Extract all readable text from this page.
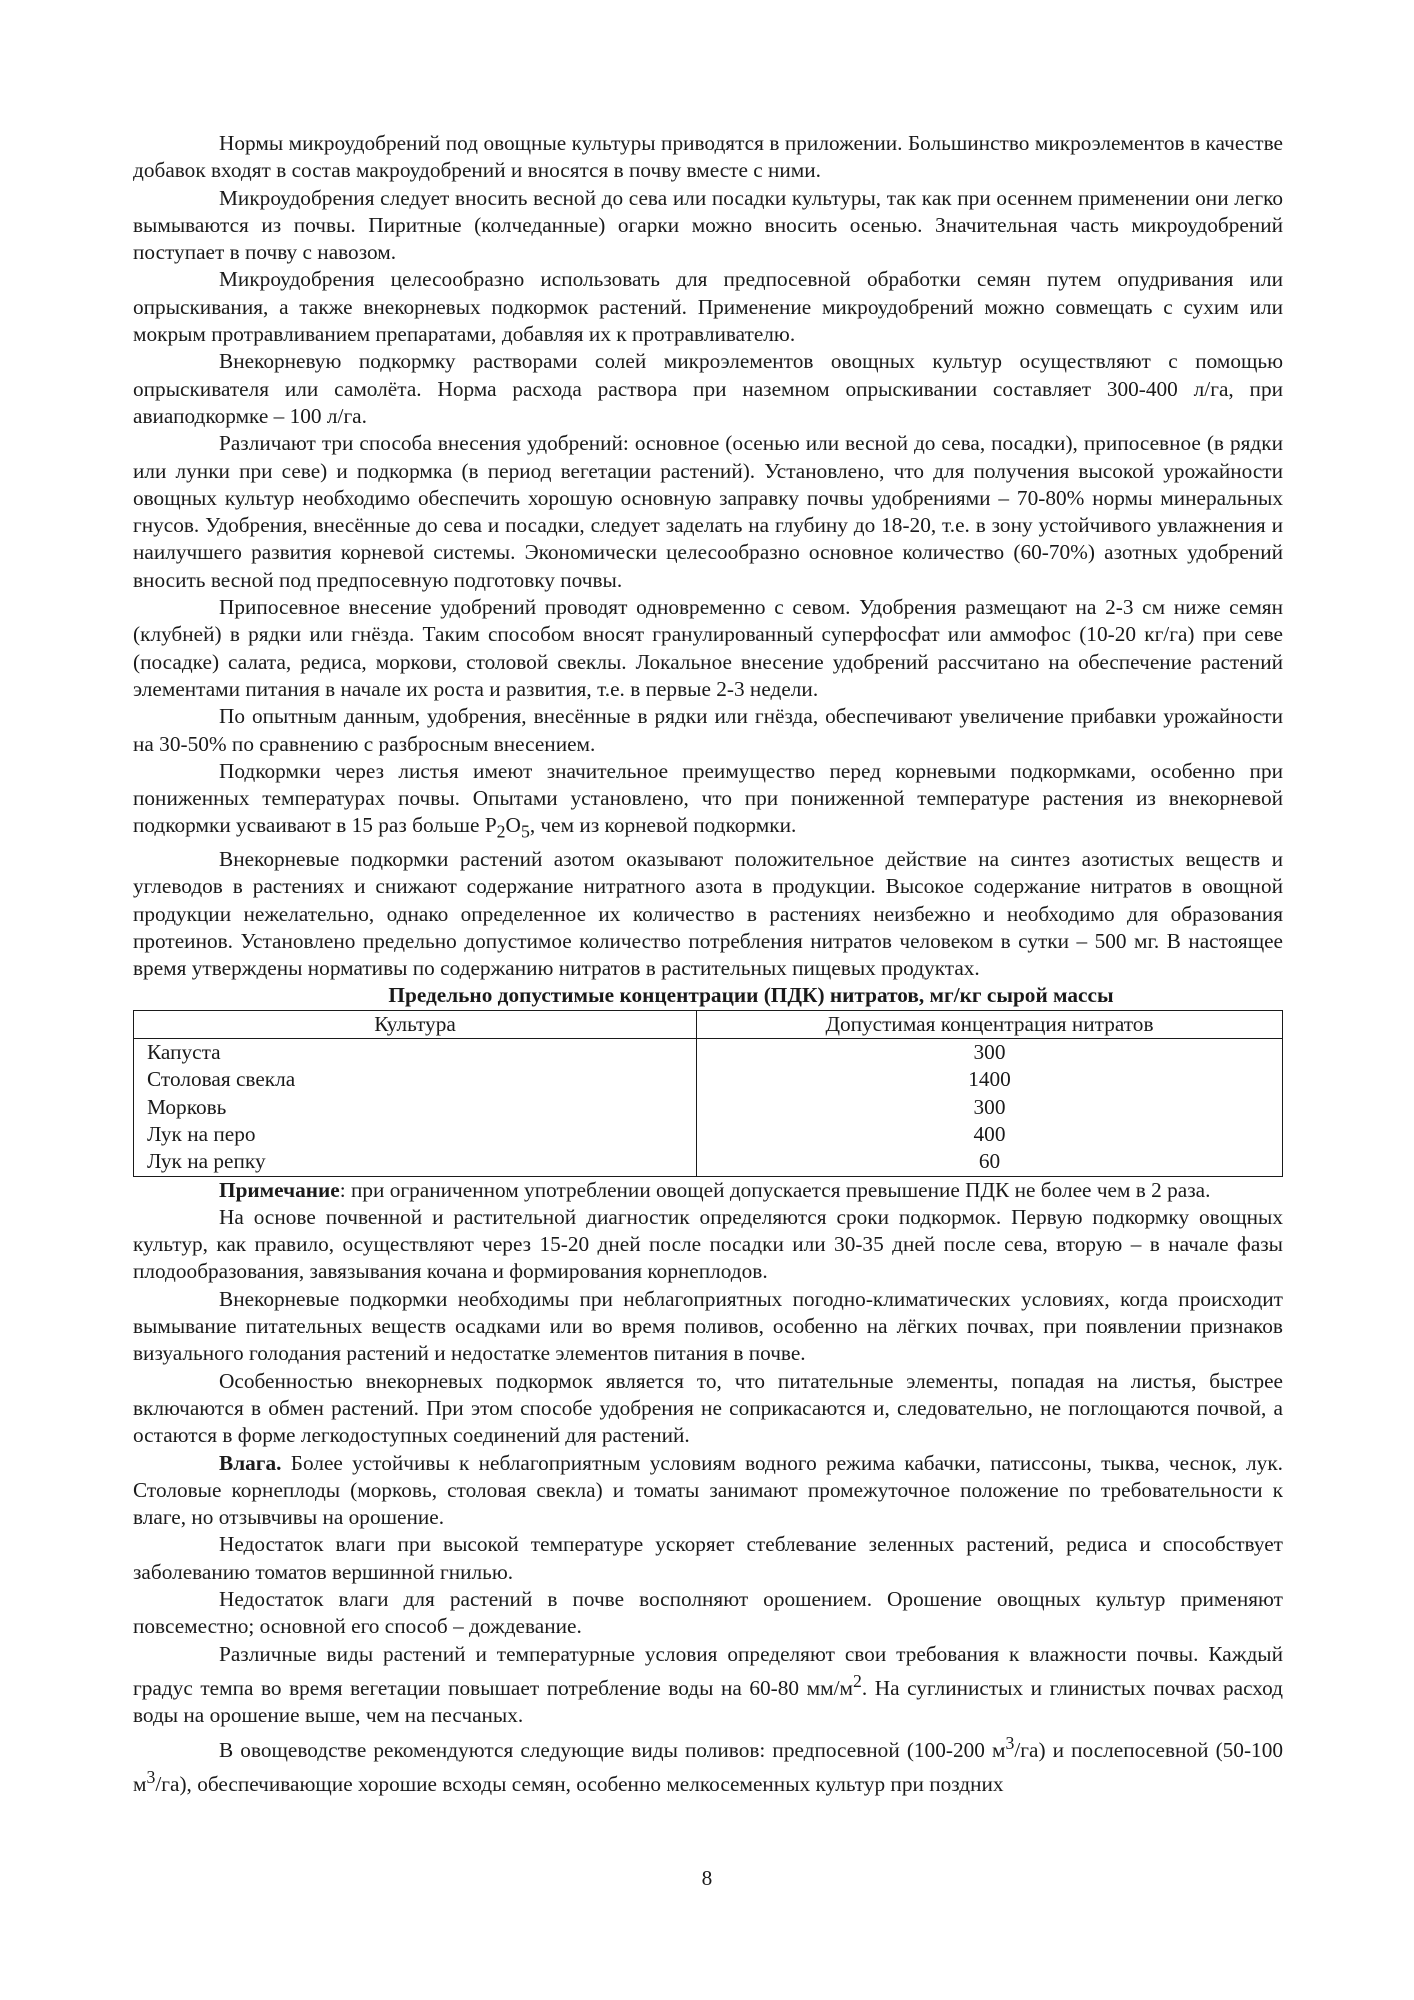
Нормы микроудобрений под овощные культуры приводятся в приложении. Большинство микроэлементов в качестве добавок входят в состав макроудобрений и вносятся в почву вместе с ними.

Микроудобрения следует вносить весной до сева или посадки культуры, так как при осеннем применении они легко вымываются из почвы. Пиритные (колчеданные) огарки можно вносить осенью. Значительная часть микроудобрений поступает в почву с навозом.

Микроудобрения целесообразно использовать для предпосевной обработки семян путем опудривания или опрыскивания, а также внекорневых подкормок растений. Применение микроудобрений можно совмещать с сухим или мокрым протравливанием препаратами, добавляя их к протравливателю.

Внекорневую подкормку растворами солей микроэлементов овощных культур осуществляют с помощью опрыскивателя или самолёта. Норма расхода раствора при наземном опрыскивании составляет 300-400 л/га, при авиаподкормке – 100 л/га.

Различают три способа внесения удобрений: основное (осенью или весной до сева, посадки), припосевное (в рядки или лунки при севе) и подкормка (в период вегетации растений). Установлено, что для получения высокой урожайности овощных культур необходимо обеспечить хорошую основную заправку почвы удобрениями – 70-80% нормы минеральных гнусов. Удобрения, внесённые до сева и посадки, следует заделать на глубину до 18-20, т.е. в зону устойчивого увлажнения и наилучшего развития корневой системы. Экономически целесообразно основное количество (60-70%) азотных удобрений вносить весной под предпосевную подготовку почвы.

Припосевное внесение удобрений проводят одновременно с севом. Удобрения размещают на 2-3 см ниже семян (клубней) в рядки или гнёзда. Таким способом вносят гранулированный суперфосфат или аммофос (10-20 кг/га) при севе (посадке) салата, редиса, моркови, столовой свеклы. Локальное внесение удобрений рассчитано на обеспечение растений элементами питания в начале их роста и развития, т.е. в первые 2-3 недели.

По опытным данным, удобрения, внесённые в рядки или гнёзда, обеспечивают увеличение прибавки урожайности на 30-50% по сравнению с разбросным внесением.

Подкормки через листья имеют значительное преимущество перед корневыми подкормками, особенно при пониженных температурах почвы. Опытами установлено, что при пониженной температуре растения из внекорневой подкормки усваивают в 15 раз больше $P_2O_5$, чем из корневой подкормки.

Внекорневые подкормки растений азотом оказывают положительное действие на синтез азотистых веществ и углеводов в растениях и снижают содержание нитратного азота в продукции. Высокое содержание нитратов в овощной продукции нежелательно, однако определенное их количество в растениях неизбежно и необходимо для образования протеинов. Установлено предельно допустимое количество потребления нитратов человеком в сутки – 500 мг. В настоящее время утверждены нормативы по содержанию нитратов в растительных пищевых продуктах.

Предельно допустимые концентрации (ПДК) нитратов, мг/кг сырой массы

Культура	Допустимая концентрация нитратов
Капуста	300
Столовая свекла	1400
Морковь	300
Лук на перо	400
Лук на репку	60

Примечание: при ограниченном употреблении овощей допускается превышение ПДК не более чем в 2 раза.

На основе почвенной и растительной диагностик определяются сроки подкормок. Первую подкормку овощных культур, как правило, осуществляют через 15-20 дней после посадки или 30-35 дней после сева, вторую – в начале фазы плодообразования, завязывания кочана и формирования корнеплодов.

Внекорневые подкормки необходимы при неблагоприятных погодно-климатических условиях, когда происходит вымывание питательных веществ осадками или во время поливов, особенно на лёгких почвах, при появлении признаков визуального голодания растений и недостатке элементов питания в почве.

Особенностью внекорневых подкормок является то, что питательные элементы, попадая на листья, быстрее включаются в обмен растений. При этом способе удобрения не соприкасаются и, следовательно, не поглощаются почвой, а остаются в форме легкодоступных соединений для растений.

Влага. Более устойчивы к неблагоприятным условиям водного режима кабачки, патиссоны, тыква, чеснок, лук. Столовые корнеплоды (морковь, столовая свекла) и томаты занимают промежуточное положение по требовательности к влаге, но отзывчивы на орошение.

Недостаток влаги при высокой температуре ускоряет стеблевание зеленных растений, редиса и способствует заболеванию томатов вершинной гнилью.

Недостаток влаги для растений в почве восполняют орошением. Орошение овощных культур применяют повсеместно; основной его способ – дождевание.

Различные виды растений и температурные условия определяют свои требования к влажности почвы. Каждый градус темпа во время вегетации повышает потребление воды на 60-80 $мм/м^2$. На суглинистых и глинистых почвах расход воды на орошение выше, чем на песчаных.

В овощеводстве рекомендуются следующие виды поливов: предпосевной (100-200 $м^3/га$) и послепосевной (50-100 $м^3/га$), обеспечивающие хорошие всходы семян, особенно мелкосеменных культур при поздних

8
